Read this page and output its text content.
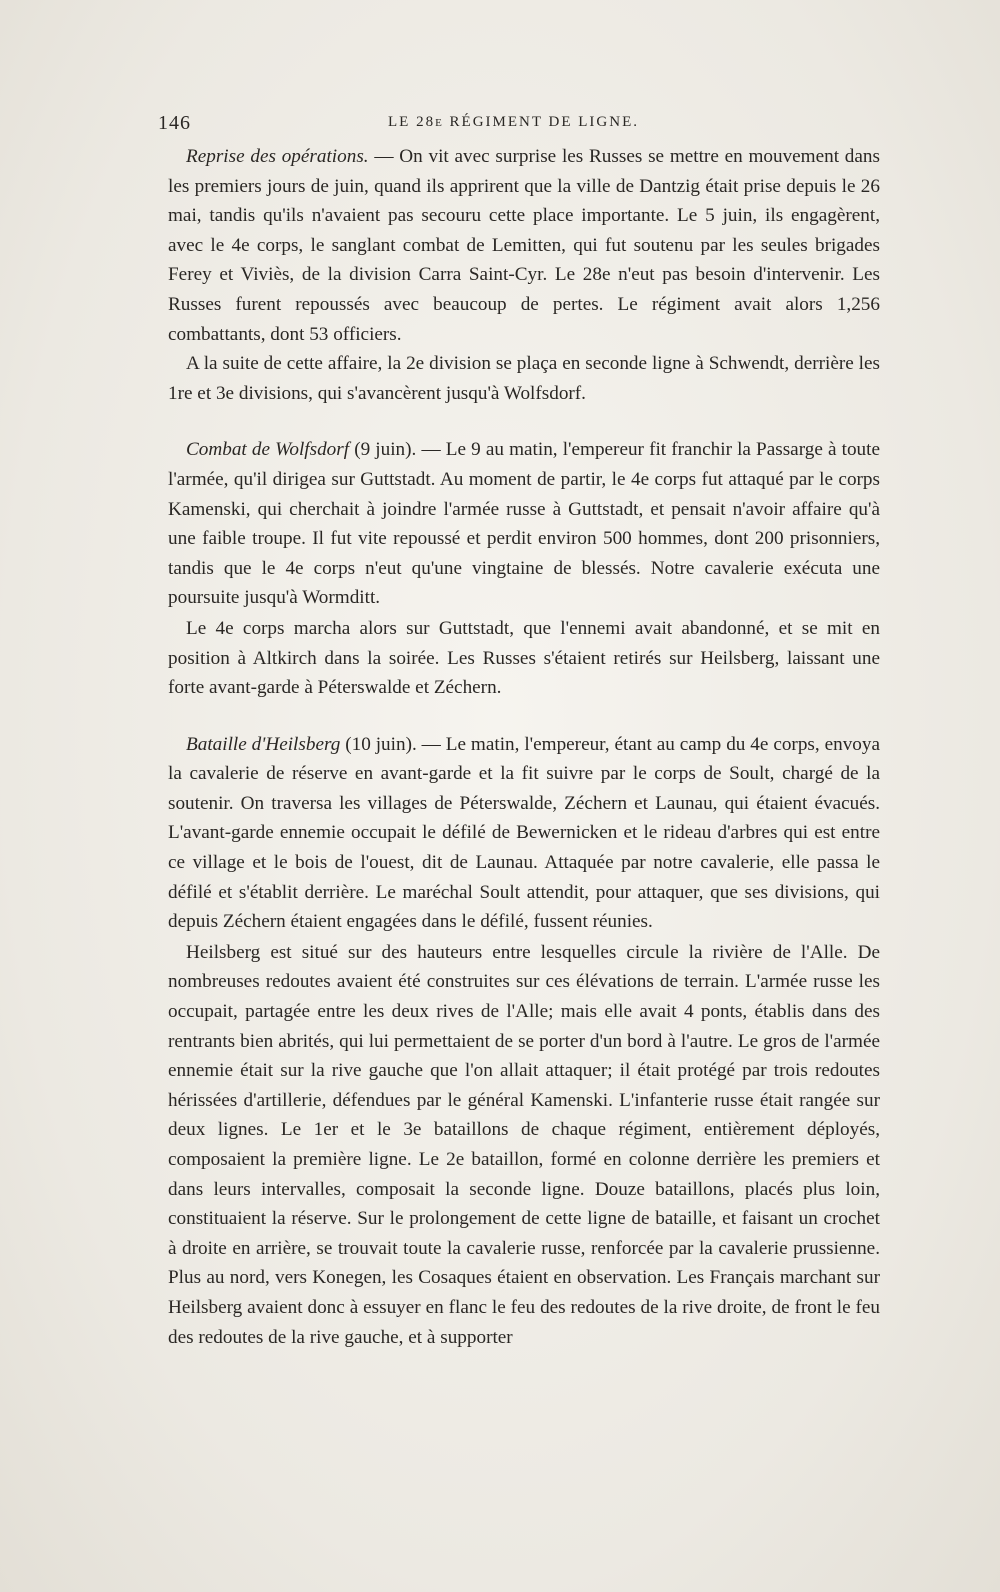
146	LE 28e RÉGIMENT DE LIGNE.

Reprise des opérations. — On vit avec surprise les Russes se mettre en mouvement dans les premiers jours de juin, quand ils apprirent que la ville de Dantzig était prise depuis le 26 mai, tandis qu'ils n'avaient pas secouru cette place importante. Le 5 juin, ils engagèrent, avec le 4e corps, le sanglant combat de Lemitten, qui fut soutenu par les seules brigades Ferey et Viviès, de la division Carra Saint-Cyr. Le 28e n'eut pas besoin d'intervenir. Les Russes furent repoussés avec beaucoup de pertes. Le régiment avait alors 1,256 combattants, dont 53 officiers.

A la suite de cette affaire, la 2e division se plaça en seconde ligne à Schwendt, derrière les 1re et 3e divisions, qui s'avancèrent jusqu'à Wolfsdorf.

Combat de Wolfsdorf (9 juin). — Le 9 au matin, l'empereur fit franchir la Passarge à toute l'armée, qu'il dirigea sur Guttstadt. Au moment de partir, le 4e corps fut attaqué par le corps Kamenski, qui cherchait à joindre l'armée russe à Guttstadt, et pensait n'avoir affaire qu'à une faible troupe. Il fut vite repoussé et perdit environ 500 hommes, dont 200 prisonniers, tandis que le 4e corps n'eut qu'une vingtaine de blessés. Notre cavalerie exécuta une poursuite jusqu'à Wormditt.

Le 4e corps marcha alors sur Guttstadt, que l'ennemi avait abandonné, et se mit en position à Altkirch dans la soirée. Les Russes s'étaient retirés sur Heilsberg, laissant une forte avant-garde à Péterswalde et Zéchern.

Bataille d'Heilsberg (10 juin). — Le matin, l'empereur, étant au camp du 4e corps, envoya la cavalerie de réserve en avant-garde et la fit suivre par le corps de Soult, chargé de la soutenir. On traversa les villages de Péterswalde, Zéchern et Launau, qui étaient évacués. L'avant-garde ennemie occupait le défilé de Bewernicken et le rideau d'arbres qui est entre ce village et le bois de l'ouest, dit de Launau. Attaquée par notre cavalerie, elle passa le défilé et s'établit derrière. Le maréchal Soult attendit, pour attaquer, que ses divisions, qui depuis Zéchern étaient engagées dans le défilé, fussent réunies.

Heilsberg est situé sur des hauteurs entre lesquelles circule la rivière de l'Alle. De nombreuses redoutes avaient été construites sur ces élévations de terrain. L'armée russe les occupait, partagée entre les deux rives de l'Alle; mais elle avait 4 ponts, établis dans des rentrants bien abrités, qui lui permettaient de se porter d'un bord à l'autre. Le gros de l'armée ennemie était sur la rive gauche que l'on allait attaquer; il était protégé par trois redoutes hérissées d'artillerie, défendues par le général Kamenski. L'infanterie russe était rangée sur deux lignes. Le 1er et le 3e bataillons de chaque régiment, entièrement déployés, composaient la première ligne. Le 2e bataillon, formé en colonne derrière les premiers et dans leurs intervalles, composait la seconde ligne. Douze bataillons, placés plus loin, constituaient la réserve. Sur le prolongement de cette ligne de bataille, et faisant un crochet à droite en arrière, se trouvait toute la cavalerie russe, renforcée par la cavalerie prussienne. Plus au nord, vers Konegen, les Cosaques étaient en observation. Les Français marchant sur Heilsberg avaient donc à essuyer en flanc le feu des redoutes de la rive droite, de front le feu des redoutes de la rive gauche, et à supporter
